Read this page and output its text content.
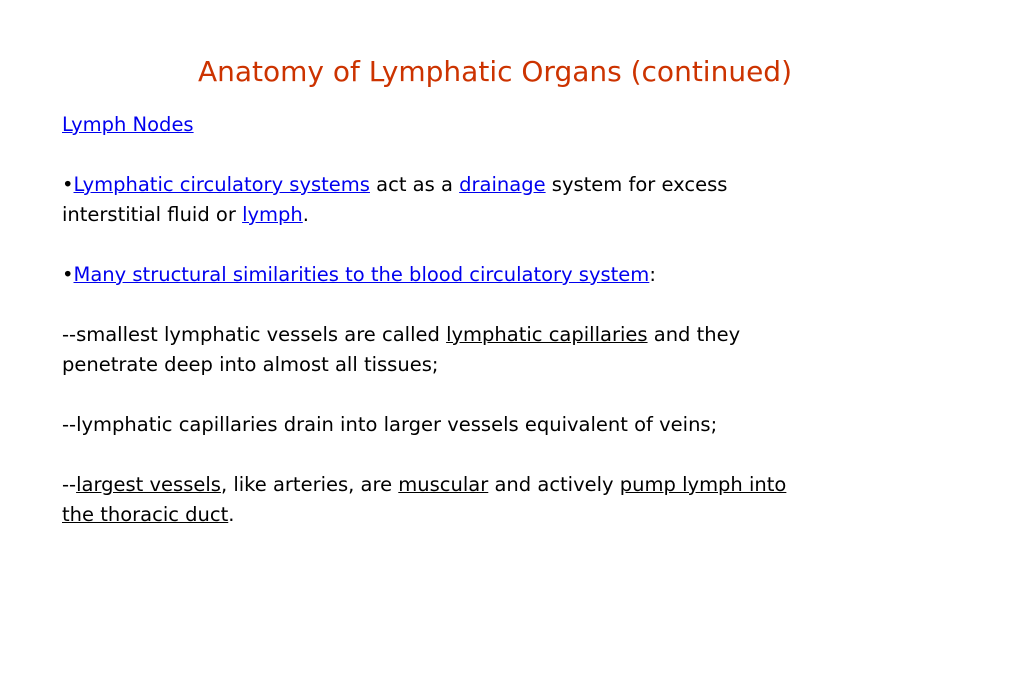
Anatomy of Lymphatic Organs (continued)

Lymph Nodes

•Lymphatic circulatory systems act as a drainage system for excess

interstitial fluid or lymph.

•Many structural similarities to the blood circulatory system:

--smallest lymphatic vessels are called lymphatic capillaries and they

penetrate deep into almost all tissues;

--lymphatic capillaries drain into larger vessels equivalent of veins;

--largest vessels, like arteries, are muscular and actively pump lymph into

the thoracic duct.
